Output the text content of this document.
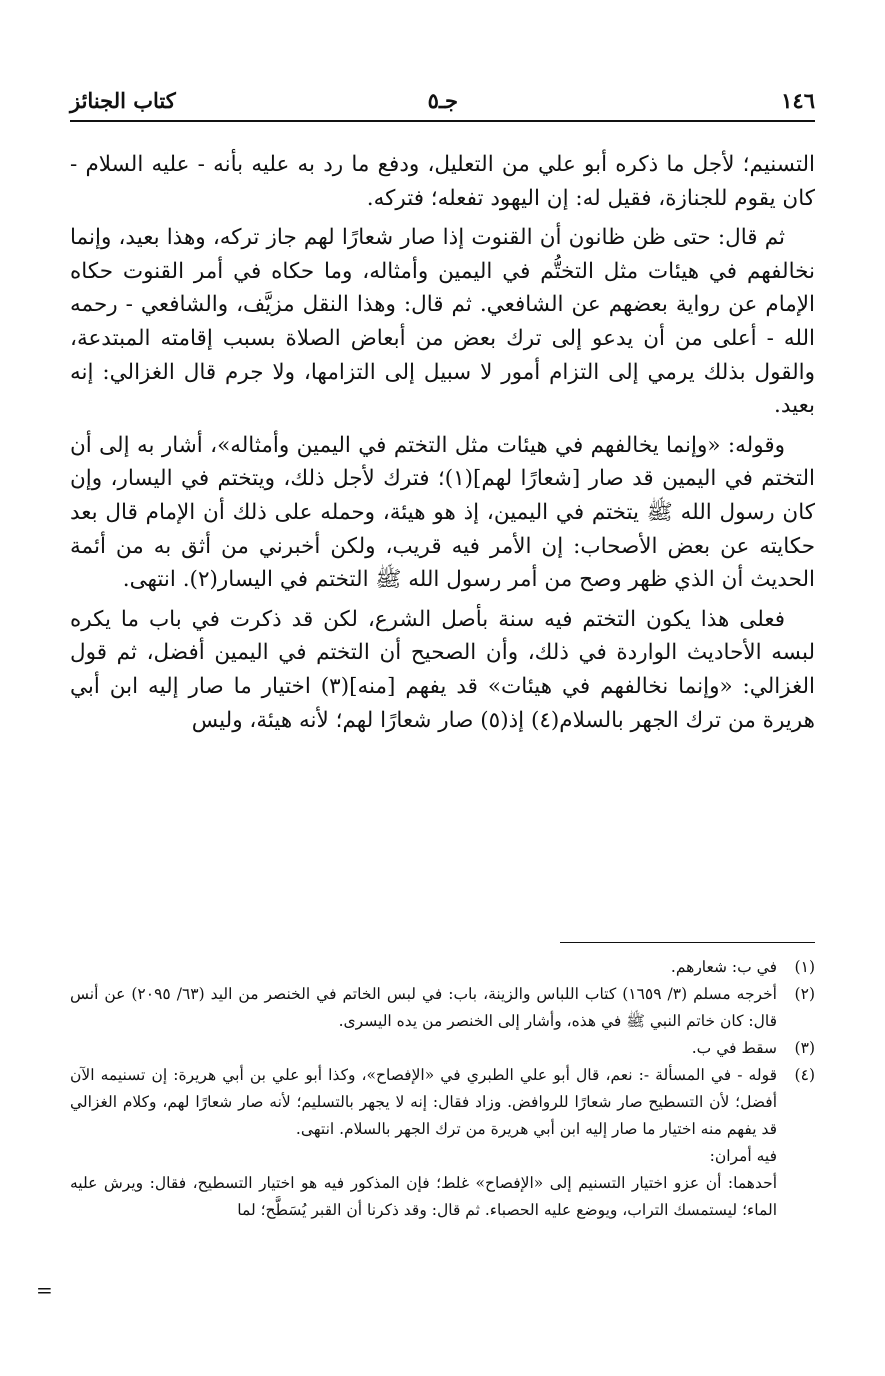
١٤٦
جـ٥
كتاب الجنائز

التسنيم؛ لأجل ما ذكره أبو علي من التعليل، ودفع ما رد به عليه بأنه - عليه السلام - كان يقوم للجنازة، فقيل له: إن اليهود تفعله؛ فتركه.

ثم قال: حتى ظن ظانون أن القنوت إذا صار شعارًا لهم جاز تركه، وهذا بعيد، وإنما نخالفهم في هيئات مثل التختُّم في اليمين وأمثاله، وما حكاه في أمر القنوت حكاه الإمام عن رواية بعضهم عن الشافعي. ثم قال: وهذا النقل مزيَّف، والشافعي - رحمه الله - أعلى من أن يدعو إلى ترك بعض من أبعاض الصلاة بسبب إقامته المبتدعة، والقول بذلك يرمي إلى التزام أمور لا سبيل إلى التزامها، ولا جرم قال الغزالي: إنه بعيد.

وقوله: «وإنما يخالفهم في هيئات مثل التختم في اليمين وأمثاله»، أشار به إلى أن التختم في اليمين قد صار [شعارًا لهم](١)؛ فترك لأجل ذلك، ويتختم في اليسار، وإن كان رسول الله ﷺ يتختم في اليمين، إذ هو هيئة، وحمله على ذلك أن الإمام قال بعد حكايته عن بعض الأصحاب: إن الأمر فيه قريب، ولكن أخبرني من أثق به من أئمة الحديث أن الذي ظهر وصح من أمر رسول الله ﷺ التختم في اليسار(٢). انتهى.

فعلى هذا يكون التختم فيه سنة بأصل الشرع، لكن قد ذكرت في باب ما يكره لبسه الأحاديث الواردة في ذلك، وأن الصحيح أن التختم في اليمين أفضل، ثم قول الغزالي: «وإنما نخالفهم في هيئات» قد يفهم [منه](٣) اختيار ما صار إليه ابن أبي هريرة من ترك الجهر بالسلام(٤) إذ(٥) صار شعارًا لهم؛ لأنه هيئة، وليس

(١)

في ب: شعارهم.

(٢)

أخرجه مسلم (٣/ ١٦٥٩) كتاب اللباس والزينة، باب: في لبس الخاتم في الخنصر من اليد (٦٣/ ٢٠٩٥) عن أنس قال: كان خاتم النبي ﷺ في هذه، وأشار إلى الخنصر من يده اليسرى.

(٣)

سقط في ب.

(٤)

قوله - في المسألة -: نعم، قال أبو علي الطبري في «الإفصاح»، وكذا أبو علي بن أبي هريرة: إن تسنيمه الآن أفضل؛ لأن التسطيح صار شعارًا للروافض. وزاد فقال: إنه لا يجهر بالتسليم؛ لأنه صار شعارًا لهم، وكلام الغزالي قد يفهم منه اختيار ما صار إليه ابن أبي هريرة من ترك الجهر بالسلام. انتهى.

فيه أمران:

أحدهما: أن عزو اختيار التسنيم إلى «الإفصاح» غلط؛ فإن المذكور فيه هو اختيار التسطيح، فقال: ويرش عليه الماء؛ ليستمسك التراب، ويوضع عليه الحصباء. ثم قال: وقد ذكرنا أن القبر يُسَطَّح؛ لما

=
